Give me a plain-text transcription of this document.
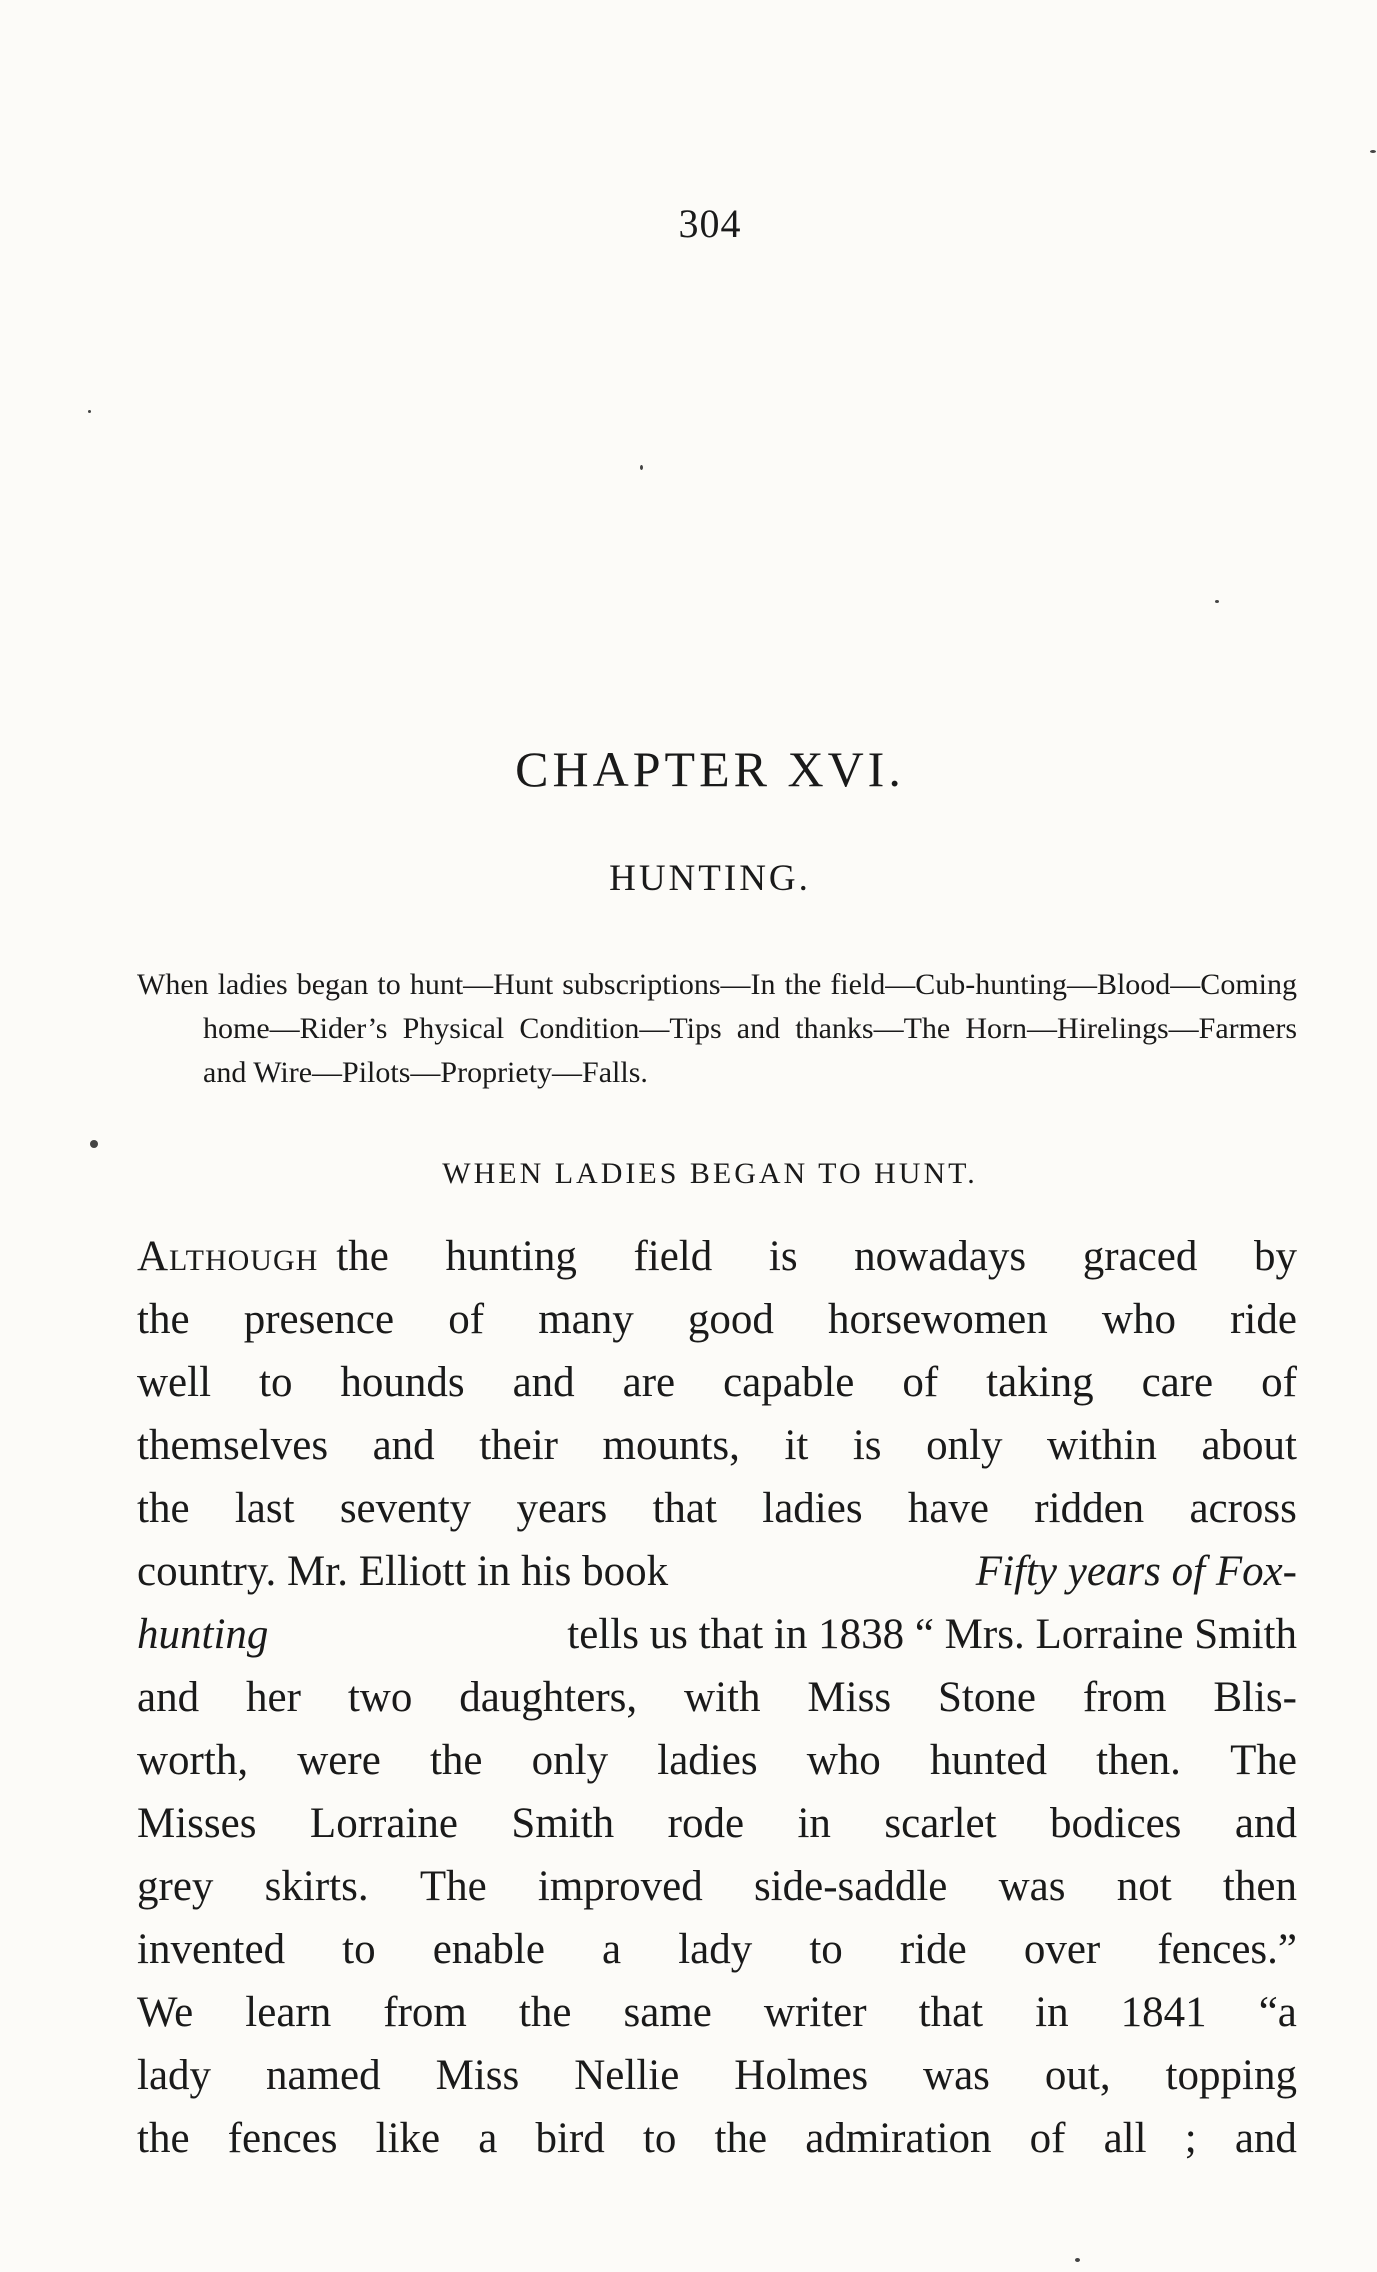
304
CHAPTER XVI.
HUNTING.
When ladies began to hunt—Hunt subscriptions—In the field—Cub-hunting—Blood—Coming home—Rider’s Physical Condition—Tips and thanks—The Horn—Hirelings—Farmers and Wire—Pilots—Propriety—Falls.
WHEN LADIES BEGAN TO HUNT.
Although the hunting field is nowadays graced by
the presence of many good horsewomen who ride
well to hounds and are capable of taking care of
themselves and their mounts, it is only within about
the last seventy years that ladies have ridden across
country. Mr. Elliott in his book	Fifty years of Fox-
hunting	tells us that in 1838 “ Mrs. Lorraine Smith
and her two daughters, with Miss Stone from Blis-
worth, were the only ladies who hunted then. The
Misses Lorraine Smith rode in scarlet bodices and
grey skirts. The improved side-saddle was not then
invented to enable a lady to ride over fences.”
We learn from the same writer that in 1841 “a
lady named Miss Nellie Holmes was out, topping
the fences like a bird to the admiration of all ; and
